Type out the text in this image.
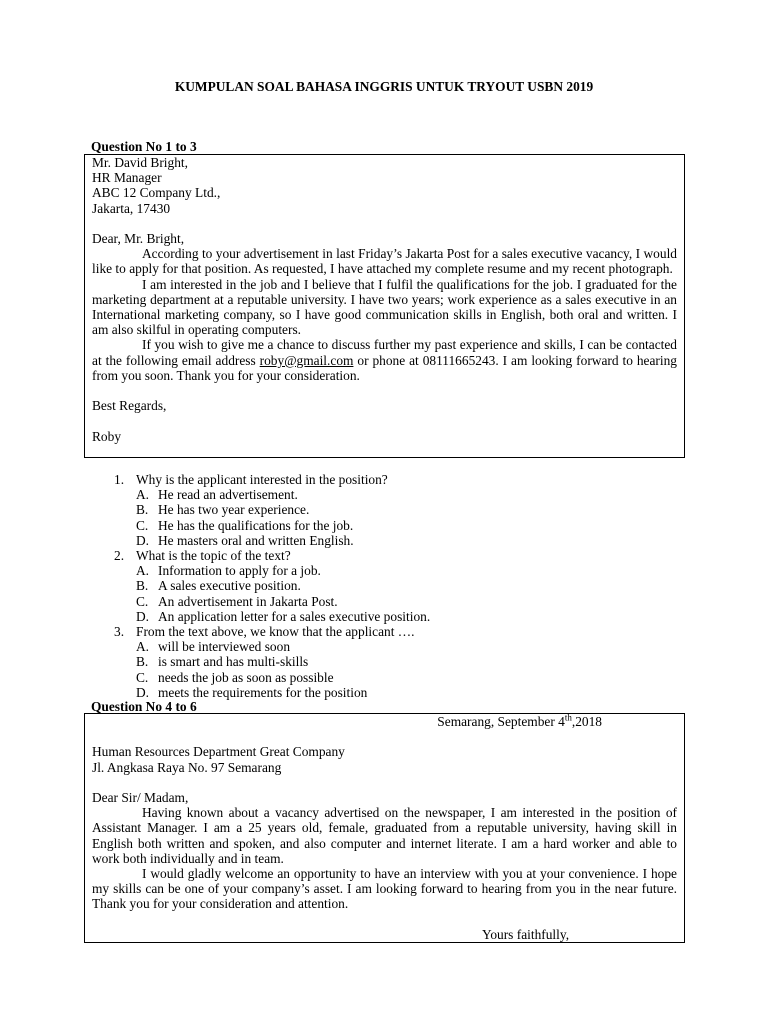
KUMPULAN SOAL BAHASA INGGRIS UNTUK TRYOUT USBN 2019
Question No 1 to 3

Mr. David Bright,

HR Manager

ABC 12 Company Ltd.,

Jakarta, 17430

Dear, Mr. Bright,

According to your advertisement in last Friday’s Jakarta Post for a sales executive vacancy, I would like to apply for that position. As requested, I have attached my complete resume and my recent photograph.

I am interested in the job and I believe that I fulfil the qualifications for the job. I graduated for the marketing department at a reputable university. I have two years; work experience as a sales executive in an International marketing company, so I have good communication skills in English, both oral and written. I am also skilful in operating computers.

If you wish to give me a chance to discuss further my past experience and skills, I can be contacted at the following email address roby@gmail.com or phone at 08111665243. I am looking forward to hearing from you soon. Thank you for your consideration.

Best Regards,

Roby

1. Why is the applicant interested in the position?
A. He read an advertisement.
B. He has two year experience.
C. He has the qualifications for the job.
D. He masters oral and written English.
2. What is the topic of the text?
A. Information to apply for a job.
B. A sales executive position.
C. An advertisement in Jakarta Post.
D. An application letter for a sales executive position.
3. From the text above, we know that the applicant ….
A. will be interviewed soon
B. is smart and has multi-skills
C. needs the job as soon as possible
D. meets the requirements for the position
Question No 4 to 6

Semarang, September 4th,2018

Human Resources Department Great Company

Jl. Angkasa Raya No. 97 Semarang

Dear Sir/ Madam,

Having known about a vacancy advertised on the newspaper, I am interested in the position of Assistant Manager. I am a 25 years old, female, graduated from a reputable university, having skill in English both written and spoken, and also computer and internet literate. I am a hard worker and able to work both individually and in team.

I would gladly welcome an opportunity to have an interview with you at your convenience. I hope my skills can be one of your company’s asset. I am looking forward to hearing from you in the near future. Thank you for your consideration and attention.

Yours faithfully,
